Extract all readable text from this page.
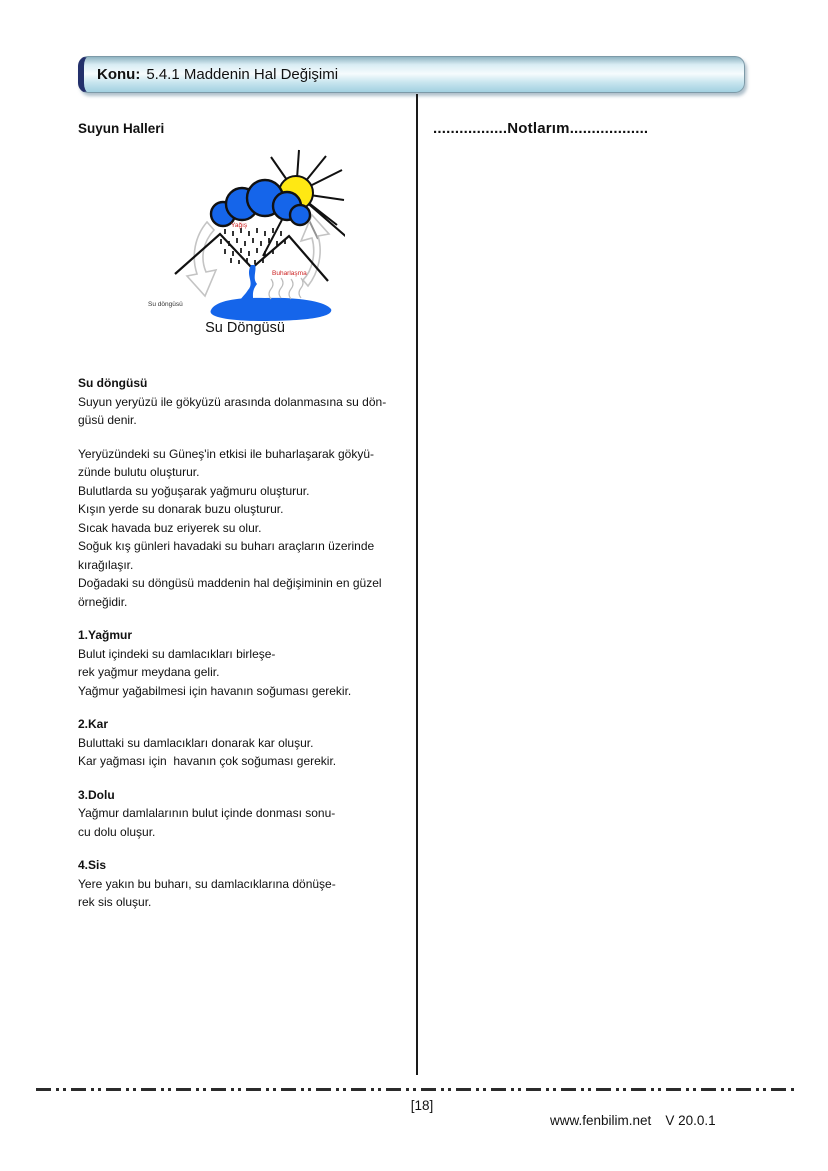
Konu: 5.4.1 Maddenin Hal Değişimi
Suyun Halleri
Yağış
Buharlaşma
Su döngüsü
Su Döngüsü
Su döngüsü
Suyun yeryüzü ile gökyüzü arasında dolanmasına su dön-
güsü denir.
Yeryüzündeki su Güneş'in etkisi ile buharlaşarak gökyü-
zünde bulutu oluşturur.
Bulutlarda su yoğuşarak yağmuru oluşturur.
Kışın yerde su donarak buzu oluşturur.
Sıcak havada buz eriyerek su olur.
Soğuk kış günleri havadaki su buharı araçların üzerinde
kırağılaşır.
Doğadaki su döngüsü maddenin hal değişiminin en güzel
örneğidir.
1.Yağmur
Bulut içindeki su damlacıkları birleşe-
rek yağmur meydana gelir.
Yağmur yağabilmesi için havanın soğuması gerekir.
2.Kar
Buluttaki su damlacıkları donarak kar oluşur.
Kar yağması için  havanın çok soğuması gerekir.
3.Dolu
Yağmur damlalarının bulut içinde donması sonu-
cu dolu oluşur.
4.Sis
Yere yakın bu buharı, su damlacıklarına dönüşe-
rek sis oluşur.
.................Notlarım..................
[18]

www.fenbilim.net V 20.0.1
